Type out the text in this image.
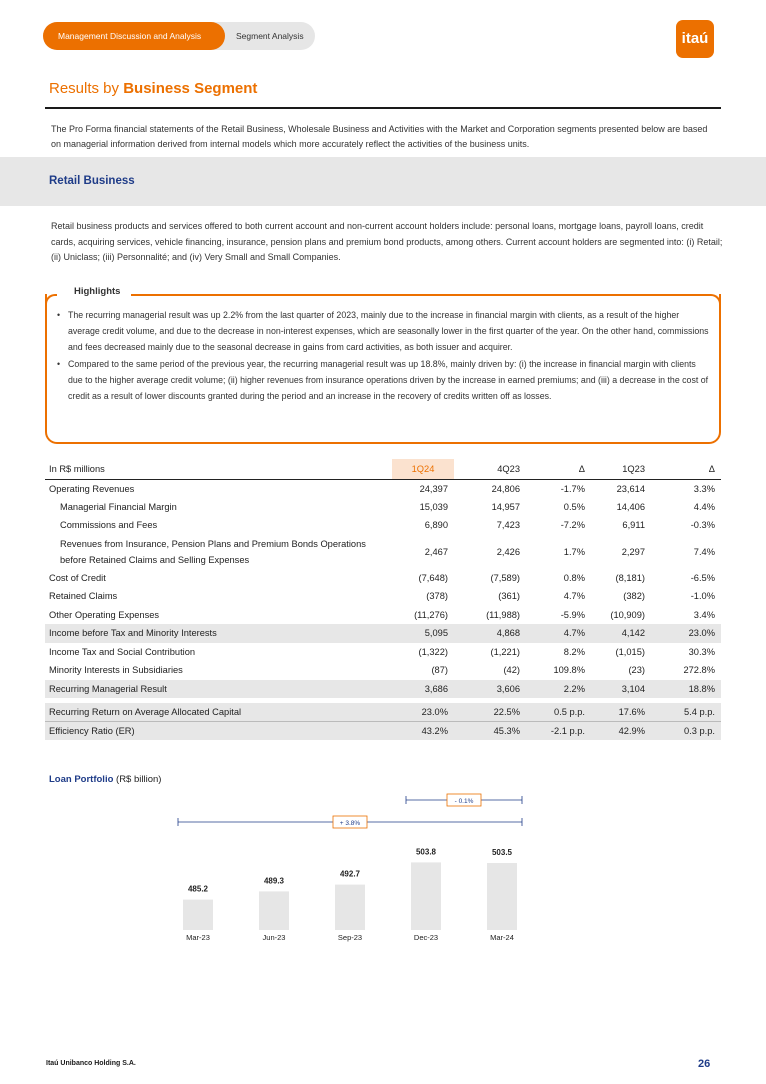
Management Discussion and Analysis	Segment Analysis	itaú
Results by Business Segment
The Pro Forma financial statements of the Retail Business, Wholesale Business and Activities with the Market and Corporation segments presented below are based on managerial information derived from internal models which more accurately reflect the activities of the business units.
Retail Business
Retail business products and services offered to both current account and non-current account holders include: personal loans, mortgage loans, payroll loans, credit cards, acquiring services, vehicle financing, insurance, pension plans and premium bond products, among others. Current account holders are segmented into: (i) Retail; (ii) Uniclass; (iii) Personnalité; and (iv) Very Small and Small Companies.
Highlights
• The recurring managerial result was up 2.2% from the last quarter of 2023, mainly due to the increase in financial margin with clients, as a result of the higher average credit volume, and due to the decrease in non-interest expenses, which are seasonally lower in the first quarter of the year. On the other hand, commissions and fees decreased mainly due to the seasonal decrease in gains from card activities, as both issuer and acquirer.
• Compared to the same period of the previous year, the recurring managerial result was up 18.8%, mainly driven by: (i) the increase in financial margin with clients due to the higher average credit volume; (ii) higher revenues from insurance operations driven by the increase in earned premiums; and (iii) a decrease in the cost of credit as a result of lower discounts granted during the period and an increase in the recovery of credits written off as losses.
In R$ millions	1Q24	4Q23	Δ	1Q23	Δ
Operating Revenues	24,397	24,806	-1.7%	23,614	3.3%
Managerial Financial Margin	15,039	14,957	0.5%	14,406	4.4%
Commissions and Fees	6,890	7,423	-7.2%	6,911	-0.3%
Revenues from Insurance, Pension Plans and Premium Bonds Operations before Retained Claims and Selling Expenses	2,467	2,426	1.7%	2,297	7.4%
Cost of Credit	(7,648)	(7,589)	0.8%	(8,181)	-6.5%
Retained Claims	(378)	(361)	4.7%	(382)	-1.0%
Other Operating Expenses	(11,276)	(11,988)	-5.9%	(10,909)	3.4%
Income before Tax and Minority Interests	5,095	4,868	4.7%	4,142	23.0%
Income Tax and Social Contribution	(1,322)	(1,221)	8.2%	(1,015)	30.3%
Minority Interests in Subsidiaries	(87)	(42)	109.8%	(23)	272.8%
Recurring Managerial Result	3,686	3,606	2.2%	3,104	18.8%

Recurring Return on Average Allocated Capital	23.0%	22.5%	0.5 p.p.	17.6%	5.4 p.p.
Efficiency Ratio (ER)	43.2%	45.3%	-2.1 p.p.	42.9%	0.3 p.p.
Loan Portfolio (R$ billion)
485.2
Mar-23
489.3
Jun-23
492.7
Sep-23
503.8
Dec-23
503.5
Mar-24
- 0.1%
+ 3.8%
Itaú Unibanco Holding S.A.	26
